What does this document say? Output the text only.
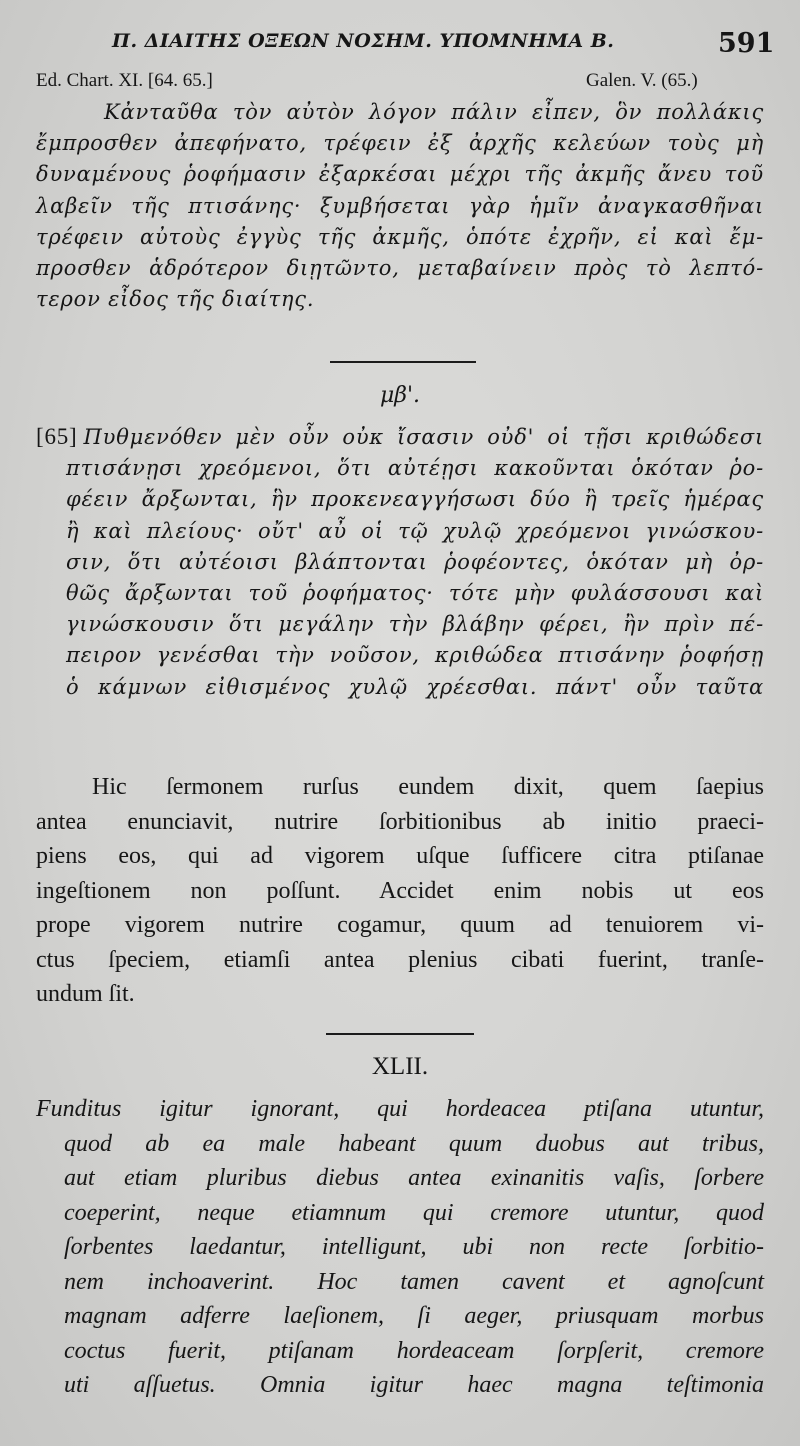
Π. ΔΙΑΙΤΗΣ ΟΞΕΩΝ ΝΟΣΗΜ. ΥΠΟΜΝΗΜΑ Β.	591
Ed. Chart. XI. [64. 65.]	Galen. V. (65.)
Κἀνταῦθα τὸν αὐτὸν λόγον πάλιν εἶπεν, ὃν πολλάκις
ἔμπροσθεν ἀπεφήνατο, τρέφειν ἐξ ἀρχῆς κελεύων τοὺς μὴ
δυναμένους ῥοφήμασιν ἐξαρκέσαι μέχρι τῆς ἀκμῆς ἄνευ τοῦ
λαβεῖν τῆς πτισάνης· ξυμβήσεται γὰρ ἡμῖν ἀναγκασθῆναι
τρέφειν αὐτοὺς ἐγγὺς τῆς ἀκμῆς, ὁπότε ἐχρῆν, εἰ καὶ ἔμ-
προσθεν ἁδρότερον διῃτῶντο, μεταβαίνειν πρὸς τὸ λεπτό-
τερον εἶδος τῆς διαίτης.
μβ'.
[65] Πυθμενόθεν μὲν οὖν οὐκ ἴσασιν οὐδ' οἱ τῇσι κριθώδεσι
πτισάνῃσι χρεόμενοι, ὅτι αὐτέῃσι κακοῦνται ὁκόταν ῥο-
φέειν ἄρξωνται, ἣν προκενεαγγήσωσι δύο ἢ τρεῖς ἡμέρας
ἢ καὶ πλείους· οὔτ' αὖ οἱ τῷ χυλῷ χρεόμενοι γινώσκου-
σιν, ὅτι αὐτέοισι βλάπτονται ῥοφέοντες, ὁκόταν μὴ ὀρ-
θῶς ἄρξωνται τοῦ ῥοφήματος· τότε μὴν φυλάσσουσι καὶ
γινώσκουσιν ὅτι μεγάλην τὴν βλάβην φέρει, ἢν πρὶν πέ-
πειρον γενέσθαι τὴν νοῦσον, κριθώδεα πτισάνην ῥοφήσῃ
ὁ κάμνων εἰθισμένος χυλῷ χρέεσθαι. πάντ' οὖν ταῦτα
Hic ſermonem rurſus eundem dixit, quem ſaepius
antea enunciavit, nutrire ſorbitionibus ab initio praeci-
piens eos, qui ad vigorem uſque ſufficere citra ptiſanae
ingeſtionem non poſſunt. Accidet enim nobis ut eos
prope vigorem nutrire cogamur, quum ad tenuiorem vi-
ctus ſpeciem, etiamſi antea plenius cibati fuerint, tranſe-
undum ſit.
XLII.
Funditus igitur ignorant, qui hordeacea ptiſana utuntur,
quod ab ea male habeant quum duobus aut tribus,
aut etiam pluribus diebus antea exinanitis vaſis, ſorbere
coeperint, neque etiamnum qui cremore utuntur, quod
ſorbentes laedantur, intelligunt, ubi non recte ſorbitio-
nem inchoaverint. Hoc tamen cavent et agnoſcunt
magnam adferre laeſionem, ſi aeger, priusquam morbus
coctus fuerit, ptiſanam hordeaceam ſorpſerit, cremore
uti aſſuetus. Omnia igitur haec magna teſtimonia
